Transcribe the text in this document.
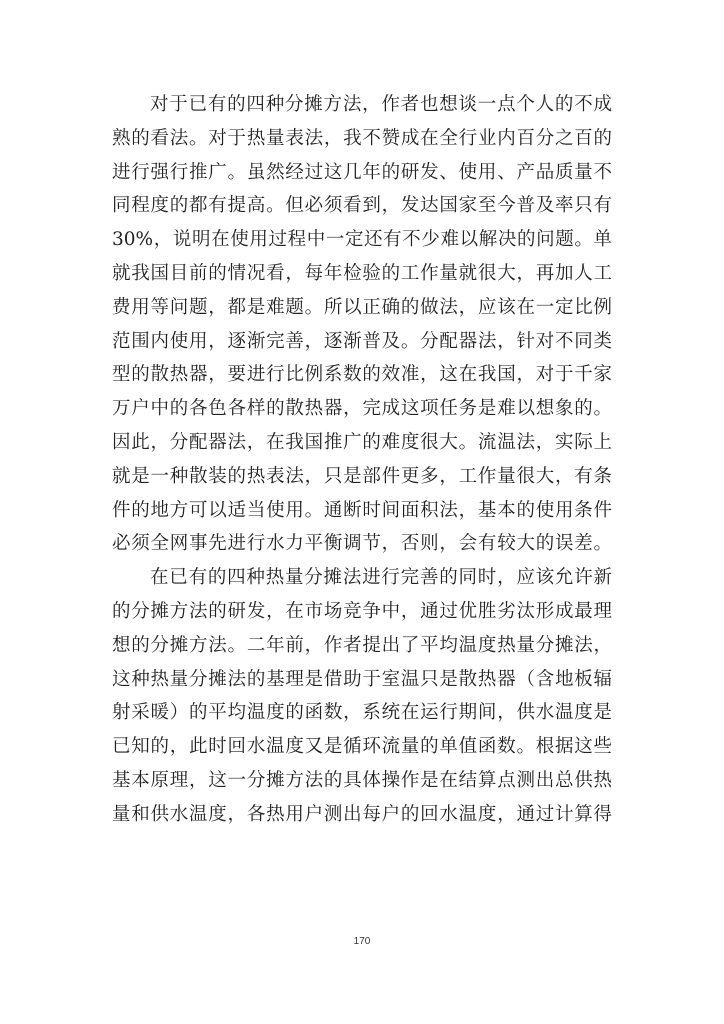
对于已有的四种分摊方法，作者也想谈一点个人的不成
熟的看法。对于热量表法，我不赞成在全行业内百分之百的
进行强行推广。虽然经过这几年的研发、使用、产品质量不
同程度的都有提高。但必须看到，发达国家至今普及率只有
30%，说明在使用过程中一定还有不少难以解决的问题。单
就我国目前的情况看，每年检验的工作量就很大，再加人工
费用等问题，都是难题。所以正确的做法，应该在一定比例
范围内使用，逐渐完善，逐渐普及。分配器法，针对不同类
型的散热器，要进行比例系数的效准，这在我国，对于千家
万户中的各色各样的散热器，完成这项任务是难以想象的。
因此，分配器法，在我国推广的难度很大。流温法，实际上
就是一种散装的热表法，只是部件更多，工作量很大，有条
件的地方可以适当使用。通断时间面积法，基本的使用条件
必须全网事先进行水力平衡调节，否则，会有较大的误差。
在已有的四种热量分摊法进行完善的同时，应该允许新
的分摊方法的研发，在市场竞争中，通过优胜劣汰形成最理
想的分摊方法。二年前，作者提出了平均温度热量分摊法，
这种热量分摊法的基理是借助于室温只是散热器（含地板辐
射采暖）的平均温度的函数，系统在运行期间，供水温度是
已知的，此时回水温度又是循环流量的单值函数。根据这些
基本原理，这一分摊方法的具体操作是在结算点测出总供热
量和供水温度，各热用户测出每户的回水温度，通过计算得
170
